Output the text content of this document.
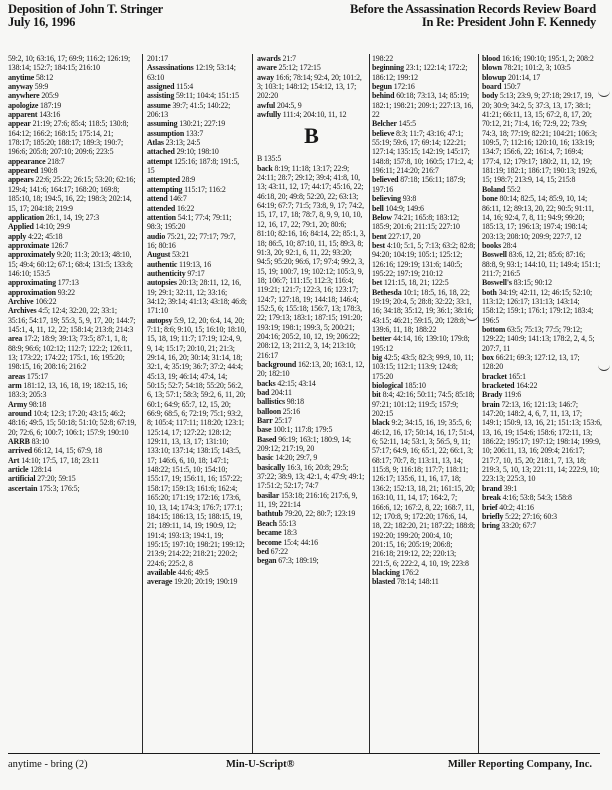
Deposition of John T. Stringer
July 16, 1996
Before the Assassination Records Review Board
In Re: President John F. Kennedy
59:2, 10; 63:16, 17; 69:9; 116:2; 126:19; 138:14; 152:7; 184:15; 216:10
anytime 58:12
anyway 59:9
anywhere 205:9
apologize 187:19
apparent 143:16
appear 21:19; 27:6; 85:4; 118:5; 130:8; 164:12; 166:2; 168:15; 175:14, 21; 178:17; 185:20; 188:17; 189:3; 190:7; 196:6; 205:8; 207:10; 209:6; 223:5
appearance 218:7
appeared 190:8
appears 22:6; 25:22; 26:15; 53:20; 62:16; 129:4; 141:6; 164:17; 168:20; 169:8; 185:10, 18; 194:5, 16, 22; 198:3; 202:14, 15, 17; 204:18; 219:9
application 26:1, 14, 19; 27:3
Applied 14:10; 29:9
apply 4:22; 45:18
approximate 126:7
approximately 9:20; 11:3; 20:13; 48:10, 15; 49:4; 60:12; 67:1; 68:4; 131:5; 133:8; 146:10; 153:5
approximating 177:13
approximation 93:22
Archive 106:22
Archives 4:5; 12:4; 32:20, 22; 33:1; 35:16; 54:17, 19; 55:3, 5, 9, 17, 20; 144:7; 145:1, 4, 11, 12, 22; 158:14; 213:8; 214:3
area 17:2; 18:9; 39:13; 73:5; 87:1, 1, 8; 88:9; 96:6; 102:12; 112:7; 122:2; 126:11, 13; 173:22; 174:22; 175:1, 16; 195:20; 198:15, 16; 208:16; 216:2
areas 175:17
arm 181:12, 13, 16, 18, 19; 182:15, 16; 183:3; 205:3
Army 98:18
around 10:4; 12:3; 17:20; 43:15; 46:2; 48:16; 49:5, 15; 50:18; 51:10; 52:8; 67:19, 20; 72:6, 6; 100:7; 106:1; 157:9; 190:10
ARRB 83:10
arrived 66:12, 14, 15; 67:9, 18
Art 14:10; 17:5, 17, 18; 23:11
article 128:14
artificial 27:20; 59:15
ascertain 175:3; 176:5;
201:17
Assassinations 12:19; 53:14; 63:10
assigned 115:4
assisting 59:11; 104:4; 151:15
assume 39:7; 41:5; 140:22; 206:13
assuming 130:21; 227:19
assumption 133:7
Atlas 23:13; 24:5
attached 29:10; 198:10
attempt 125:16; 187:8; 191:5, 15
attempted 28:9
attempting 115:17; 116:2
attend 146:7
attended 16:22
attention 54:1; 77:4; 79:11; 98:3; 195:20
audio 75:21, 22; 77:17; 79:7, 16; 80:16
August 53:21
authentic 119:13, 16
authenticity 97:17
autopsies 20:13; 28:11, 12, 16, 19; 29:1; 32:11, 12; 33:16; 34:12; 39:14; 41:13; 43:18; 46:8; 171:10
autopsy 5:9, 12, 20; 6:4, 14, 20; 7:11; 8:6; 9:10, 15; 16:10; 18:10, 15, 18, 19; 11:7; 17:19; 12:4, 9, 9, 14; 15:17; 20:10, 21; 21:3; 29:14, 16, 20; 30:14; 31:14, 18; 32:1, 4; 35:19; 36:7; 37:2; 44:4; 45:13, 19; 46:14; 47:4, 14; 50:15; 52:7; 54:18; 55:20; 56:2, 6, 13; 57:1; 58:3; 59:2, 6, 11, 20; 60:1; 64:9; 65:7, 12, 15, 20; 66:9; 68:5, 6; 72:19; 75:1; 93:2, 8; 105:4; 117:11; 118:20; 123:1; 125:14, 17; 127:22; 128:12; 129:11, 13, 13, 17; 131:10; 133:10; 137:14; 138:15; 143:5, 17; 146:6, 6, 10, 18; 147:1; 148:22; 151:5, 10; 154:10; 155:17, 19; 156:11, 16; 157:22; 158:17; 159:13; 161:6; 162:4; 165:20; 171:19; 172:16; 173:6, 10, 13, 14; 174:3; 176:7; 177:1; 184:15; 186:13, 15; 188:15, 19, 21; 189:11, 14, 19; 190:9, 12; 191:4; 193:13; 194:1, 19; 195:15; 197:10; 198:21; 199:12; 213:9; 214:22; 218:21; 220:2; 224:6; 225:2, 8
available 44:6; 49:5
average 19:20; 20:19; 190:19
awards 21:7
aware 25:12; 172:15
away 16:6; 78:14; 92:4, 20; 101:2, 3; 103:1; 148:12; 154:12, 13, 17; 202:20
awful 204:5, 9
awfully 111:4; 204:10, 11, 12
B
B 135:5
back 8:19; 11:18; 13:17; 22:9; 24:11; 28:7; 29:12; 39:4; 41:8, 10, 13; 43:11, 12, 17; 44:17; 45:16, 22; 46:18, 20; 49:8; 52:20, 22; 63:13; 64:19; 67:7; 71:5; 73:8, 9, 17; 74:2, 15, 17, 17, 18; 78:7, 8, 9, 9, 10, 10, 12, 16, 17, 22; 79:1, 20; 80:6; 81:10; 82:16, 16; 84:14, 22; 85:1, 3, 18; 86:5, 10; 87:10, 11, 15; 89:3, 8; 91:3, 20; 92:1, 6, 11, 22; 93:20; 94:5; 95:20; 96:6, 17; 97:4; 99:2, 3, 15, 19; 100:7, 19; 102:12; 105:3, 9, 18; 106:7; 111:15; 112:3; 116:4; 119:21; 121:7; 122:3, 16; 123:17; 124:7; 127:18, 19; 144:18; 146:4; 152:5, 6; 155:18; 156:7, 13; 178:3, 22; 179:13; 183:1; 187:15; 191:20; 193:19; 198:1; 199:3, 5; 200:21; 204:16; 205:2, 10, 12, 19; 206:22; 208:12, 13; 211:2, 3, 14; 213:10; 216:17
background 162:13, 20; 163:1, 12, 20; 182:10
backs 42:15; 43:14
bad 204:11
ballistics 98:18
balloon 25:16
Barr 25:17
base 100:1; 117:8; 179:5
Based 96:19; 163:1; 180:9, 14; 209:12; 217:19, 20
basic 14:20; 29:7, 9
basically 16:3, 16; 20:8; 29:5; 37:22; 38:9, 13; 42:1, 4; 47:9; 49:1; 17:51:2; 52:17; 74:7
basilar 153:18; 216:16; 217:6, 9, 11, 19; 221:14
bathtub 79:20, 22; 80:7; 123:19
Beach 55:13
became 18:3
become 15:4; 44:16
bed 67:22
began 67:3; 189:19;
198:22
beginning 23:1; 122:14; 172:2; 186:12; 199:12
begun 172:16
behind 60:18; 73:13, 14; 85:19; 182:1; 198:21; 209:1; 227:13, 16, 22
Belcher 145:5
believe 8:3; 11:7; 43:16; 47:1; 55:19; 59:6, 17; 69:14; 122:21; 127:14; 135:15; 142:19; 145:17; 148:8; 157:8, 10; 160:5; 171:2, 4; 196:11; 214:20; 216:7
believed 87:18; 156:11; 187:9; 197:16
believing 93:8
bell 104:9; 149:6
Below 74:21; 165:8; 183:12; 185:9; 201:6; 211:15; 227:10
bent 227:17, 20
best 4:10; 5:1, 5; 7:13; 63:2; 82:8; 94:20; 104:19; 105:1; 125:12; 126:16; 129:19; 131:6; 140:5; 195:22; 197:19; 210:12
bet 121:15, 18, 21; 122:5
Bethesda 10:1; 18:5, 16, 18, 22; 19:19; 20:4, 5; 28:8; 32:22; 33:1, 16; 34:18; 35:12, 19; 36:1; 38:16; 43:15; 46:21; 59:15, 20; 128:8; 139:6, 11, 18; 188:22
better 44:14, 16; 139:10; 179:8; 195:12
big 42:5; 43:5; 82:3; 99:9, 10, 11; 103:15; 112:1; 113:9; 124:8; 175:20
biological 185:10
bit 8:4; 42:16; 50:11; 74:5; 85:18; 97:21; 101:12; 119:5; 157:9; 202:15
black 9:2; 34:15, 16, 19; 35:5, 6; 46:12, 16, 17; 50:14, 16, 17; 51:4, 6; 52:11, 14; 53:1, 3; 56:5, 9, 11; 57:17; 64:9, 16; 65:1, 22; 66:1, 3; 68:17; 70:7, 8; 113:11, 13, 14; 115:8, 9; 116:18; 117:7; 118:11; 126:17; 135:6, 11, 16, 17, 18; 136:2; 152:13, 18, 21; 161:15, 20; 163:10, 11, 14, 17; 164:2, 7; 166:6, 12; 167:2, 8, 22; 168:7, 11, 12; 170:8, 9; 172:20; 176:6, 14, 18, 22; 182:20, 21; 187:22; 188:8; 192:20; 199:20; 200:4, 10; 201:15, 16; 205:19; 206:8; 216:18; 219:12, 22; 220:13; 221:5, 6; 222:2, 4, 10, 19; 223:8
blacking 176:2
blasted 78:14; 148:11
blood 16:16; 190:10; 195:1, 2; 208:2
blown 78:21; 101:2, 3; 103:5
blowup 201:14, 17
board 150:7
body 5:13; 23:9, 9; 27:18; 29:17, 19, 20; 30:9; 34:2, 5; 37:3, 13, 17; 38:1; 41:21; 66:11, 13, 15; 67:2, 8, 17, 20; 70:12, 21; 71:4, 16; 72:9, 22; 73:9; 74:3, 18; 77:19; 82:21; 104:21; 106:3; 109:5, 7; 112:16; 120:10, 16; 133:19; 134:7; 156:6, 22; 161:4, 7; 169:4; 177:4, 12; 179:17; 180:2, 11, 12, 19; 181:19; 182:1; 186:17; 190:13; 192:6, 15; 198:7; 213:9, 14, 15; 215:8
Boland 55:2
bone 80:14; 82:5, 14; 85:9, 10, 14; 86:11, 12; 89:13, 20, 22; 90:5; 91:11, 14, 16; 92:4, 7, 8, 11; 94:9; 99:20; 185:13, 17; 196:13; 197:4; 198:14; 203:13; 208:10; 209:9; 227:7, 12
books 28:4
Boswell 83:6, 12, 21; 85:6; 87:16; 88:8, 9; 93:1; 144:10, 11; 149:4; 151:1; 211:7; 216:5
Boswell's 83:15; 90:12
both 34:19; 42:11, 12; 46:15; 52:10; 113:12; 126:17; 131:13; 143:14; 158:12; 159:1; 176:1; 179:12; 183:4; 196:5
bottom 63:5; 75:13; 77:5; 79:12; 129:22; 140:9; 141:13; 178:2, 2, 4, 5; 207:7, 11
box 66:21; 69:3; 127:12, 13, 17; 128:20
bracket 165:1
bracketed 164:22
Brady 119:6
brain 72:13, 16; 121:13; 146:7; 147:20; 148:2, 4, 6, 7, 11, 13, 17; 149:1; 150:9, 13, 16, 21; 151:13; 153:6, 13, 16, 19; 154:6; 158:6; 172:11, 13; 186:22; 195:17; 197:12; 198:14; 199:9, 10; 206:11, 13, 16; 209:4; 216:17; 217:7, 10, 15, 20; 218:1, 7, 13, 18; 219:3, 5, 10, 13; 221:11, 14; 222:9, 10; 223:13; 225:3, 10
brand 39:1
break 4:16; 53:8; 54:3; 158:8
brief 40:2; 41:16
briefly 5:22; 27:16; 60:3
bring 33:20; 67:7
anytime - bring (2)	Min-U-Script®	Miller Reporting Company, Inc.
